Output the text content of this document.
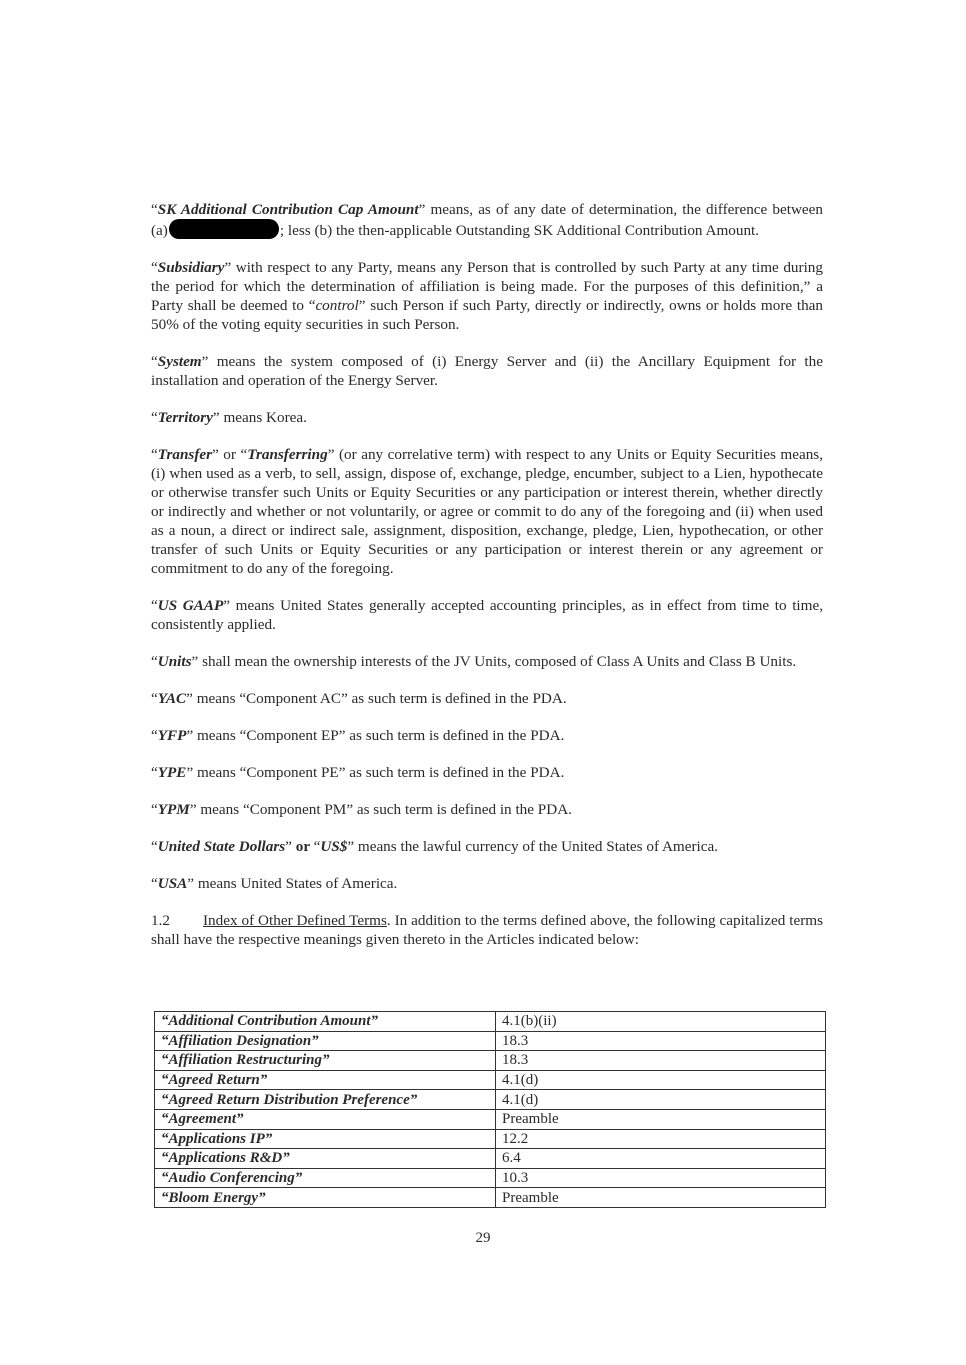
“SK Additional Contribution Cap Amount” means, as of any date of determination, the difference between (a)	; less (b) the then-applicable Outstanding SK Additional Contribution Amount.

“Subsidiary” with respect to any Party, means any Person that is controlled by such Party at any time during the period for which the determination of affiliation is being made. For the purposes of this definition,” a Party shall be deemed to “control” such Person if such Party, directly or indirectly, owns or holds more than 50% of the voting equity securities in such Person.

“System” means the system composed of (i) Energy Server and (ii) the Ancillary Equipment for the installation and operation of the Energy Server.

“Territory” means Korea.

“Transfer” or “Transferring” (or any correlative term) with respect to any Units or Equity Securities means, (i) when used as a verb, to sell, assign, dispose of, exchange, pledge, encumber, subject to a Lien, hypothecate or otherwise transfer such Units or Equity Securities or any participation or interest therein, whether directly or indirectly and whether or not voluntarily, or agree or commit to do any of the foregoing and (ii) when used as a noun, a direct or indirect sale, assignment, disposition, exchange, pledge, Lien, hypothecation, or other transfer of such Units or Equity Securities or any participation or interest therein or any agreement or commitment to do any of the foregoing.

“US GAAP” means United States generally accepted accounting principles, as in effect from time to time, consistently applied.

“Units” shall mean the ownership interests of the JV Units, composed of Class A Units and Class B Units.

“YAC” means “Component AC” as such term is defined in the PDA.

“YFP” means “Component EP” as such term is defined in the PDA.

“YPE” means “Component PE” as such term is defined in the PDA.

“YPM” means “Component PM” as such term is defined in the PDA.

“United State Dollars” or “US$” means the lawful currency of the United States of America.

“USA” means United States of America.

1.2 Index of Other Defined Terms. In addition to the terms defined above, the following capitalized terms shall have the respective meanings given thereto in the Articles indicated below:

“Additional Contribution Amount”	4.1(b)(ii)
“Affiliation Designation”	18.3
“Affiliation Restructuring”	18.3
“Agreed Return”	4.1(d)
“Agreed Return Distribution Preference”	4.1(d)
“Agreement”	Preamble
“Applications IP”	12.2
“Applications R&D”	6.4
“Audio Conferencing”	10.3
“Bloom Energy”	Preamble
29
